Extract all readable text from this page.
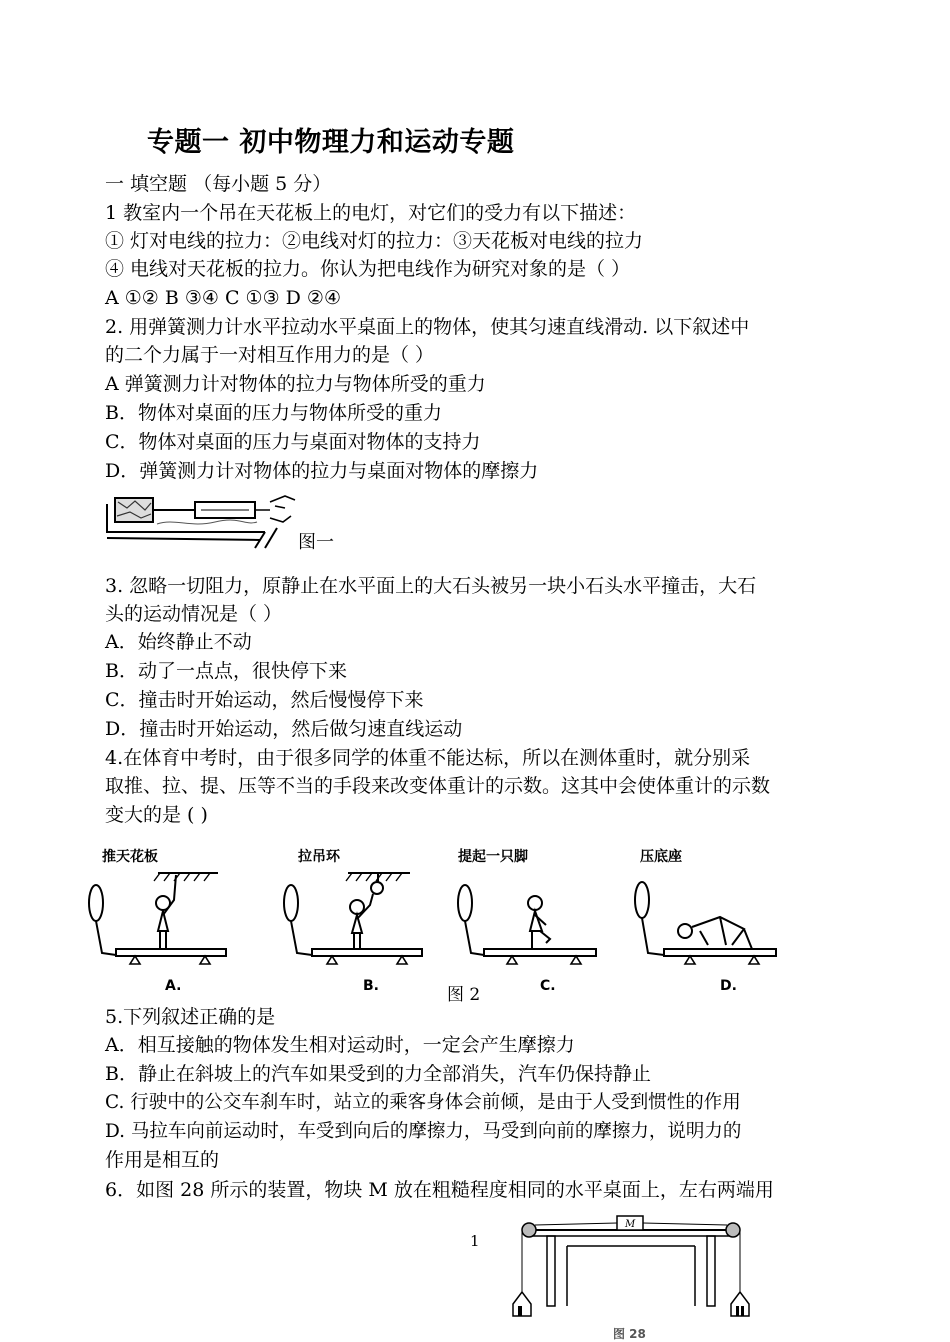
专题一 初中物理力和运动专题
一 填空题 （每小题 5 分）
1 教室内一个吊在天花板上的电灯，对它们的受力有以下描述：
① 灯对电线的拉力：②电线对灯的拉力：③天花板对电线的拉力
④ 电线对天花板的拉力。你认为把电线作为研究对象的是（ ）
A ①② B ③④ C ①③ D ②④
2. 用弹簧测力计水平拉动水平桌面上的物体，使其匀速直线滑动. 以下叙述中
的二个力属于一对相互作用力的是（ ）
A 弹簧测力计对物体的拉力与物体所受的重力
B．物体对桌面的压力与物体所受的重力
C．物体对桌面的压力与桌面对物体的支持力
D．弹簧测力计对物体的拉力与桌面对物体的摩擦力
图一
3. 忽略一切阻力，原静止在水平面上的大石头被另一块小石头水平撞击，大石
头的运动情况是（ ）
A．始终静止不动
B．动了一点点，很快停下来
C．撞击时开始运动，然后慢慢停下来
D．撞击时开始运动，然后做匀速直线运动
4.在体育中考时，由于很多同学的体重不能达标，所以在测体重时，就分别采
取推、拉、提、压等不当的手段来改变体重计的示数。这其中会使体重计的示数
变大的是 ( )
推天花板
A.
拉吊环
B.
提起一只脚
C.
压底座
D.
图 2
5.下列叙述正确的是
A．相互接触的物体发生相对运动时，一定会产生摩擦力
B．静止在斜坡上的汽车如果受到的力全部消失，汽车仍保持静止
C. 行驶中的公交车刹车时，站立的乘客身体会前倾，是由于人受到惯性的作用
D. 马拉车向前运动时，车受到向后的摩擦力，马受到向前的摩擦力，说明力的
作用是相互的
6．如图 28 所示的装置，物块 M 放在粗糙程度相同的水平桌面上，左右两端用
1
M
图 28
